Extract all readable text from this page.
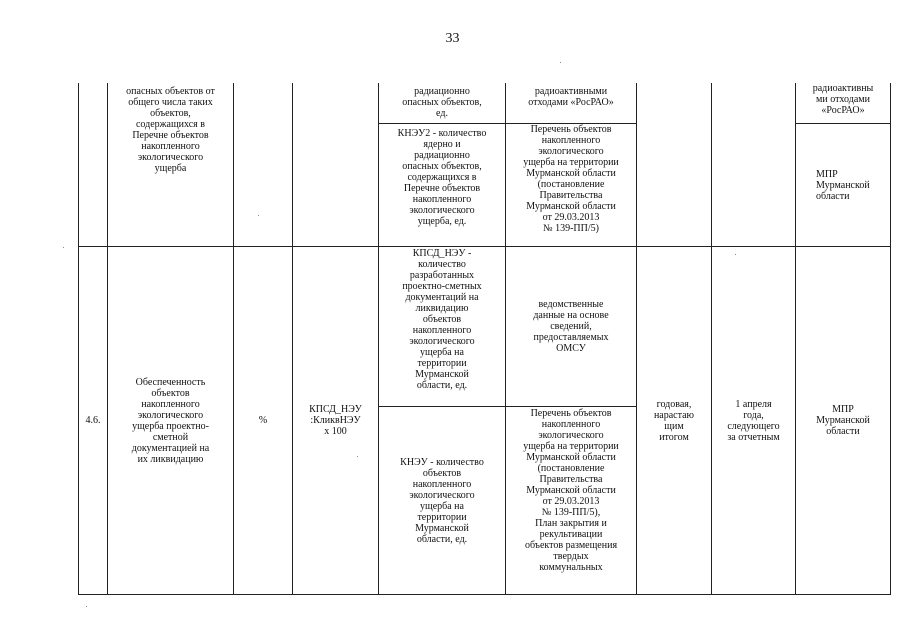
33
опасных объектов от
общего числа таких
объектов,
содержащихся в
Перечне объектов
накопленного
экологического
ущерба
радиационно
опасных объектов,
ед.
радиоактивными
отходами «РосРАО»
радиоактивны
ми отходами
«РосРАО»
КНЭУ2 - количество
ядерно и
радиационно
опасных объектов,
содержащихся в
Перечне объектов
накопленного
экологического
ущерба, ед.
Перечень объектов
накопленного
экологического
ущерба на территории
Мурманской области
(постановление
Правительства
Мурманской области
от 29.03.2013
№ 139-ПП/5)
МПР
Мурманской
области
4.6.
Обеспеченность
объектов
накопленного
экологического
ущерба проектно-
сметной
документацией на
их ликвидацию
%
КПСД_НЭУ
:КликвНЭУ
x 100
КПСД_НЭУ -
количество
разработанных
проектно-сметных
документаций на
ликвидацию
объектов
накопленного
экологического
ущерба на
территории
Мурманской
области, ед.
ведомственные
данные на основе
сведений,
предоставляемых
ОМСУ
КНЭУ - количество
объектов
накопленного
экологического
ущерба на
территории
Мурманской
области, ед.
Перечень объектов
накопленного
экологического
ущерба на территории
Мурманской области
(постановление
Правительства
Мурманской области
от 29.03.2013
№ 139-ПП/5),
План закрытия и
рекультивации
объектов размещения
твердых
коммунальных
годовая,
нарастаю
щим
итогом
1 апреля
года,
следующего
за отчетным
МПР
Мурманской
области
